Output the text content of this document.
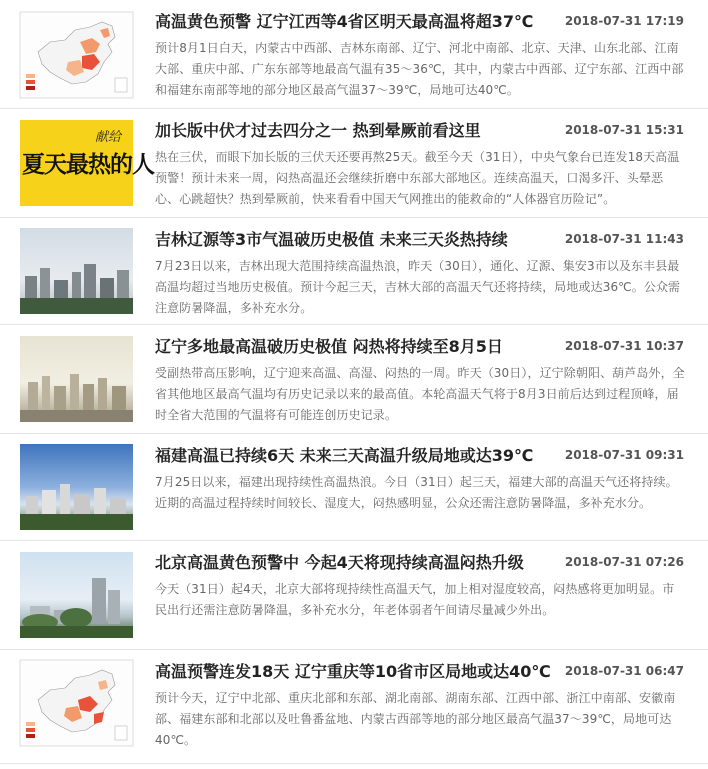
高温黄色预警 辽宁江西等4省区明天最高温将超37℃	2018-07-31 17:19
预计8月1日白天，内蒙古中西部、吉林东南部、辽宁、河北中南部、北京、天津、山东北部、江南大部、重庆中部、广东东部等地最高气温有35～36℃，其中，内蒙古中西部、辽宁东部、江西中部和福建东南部等地的部分地区最高气温37～39℃，局地可达40℃。
献给
夏天最热的人
加长版中伏才过去四分之一 热到晕厥前看这里	2018-07-31 15:31
热在三伏，而眼下加长版的三伏天还要再熬25天。截至今天（31日），中央气象台已连发18天高温预警！预计未来一周，闷热高温还会继续折磨中东部大部地区。连续高温天，口渴多汗、头晕恶心、心跳超快？热到晕厥前，快来看看中国天气网推出的能救命的“人体器官历险记”。
吉林辽源等3市气温破历史极值 未来三天炎热持续	2018-07-31 11:43
7月23日以来，吉林出现大范围持续高温热浪，昨天（30日），通化、辽源、集安3市以及东丰县最高温均超过当地历史极值。预计今起三天，吉林大部的高温天气还将持续，局地或达36℃。公众需注意防暑降温，多补充水分。
辽宁多地最高温破历史极值 闷热将持续至8月5日	2018-07-31 10:37
受副热带高压影响，辽宁迎来高温、高湿、闷热的一周。昨天（30日），辽宁除朝阳、葫芦岛外，全省其他地区最高气温均有历史记录以来的最高值。本轮高温天气将于8月3日前后达到过程顶峰，届时全省大范围的气温将有可能连创历史记录。
福建高温已持续6天 未来三天高温升级局地或达39℃	2018-07-31 09:31
7月25日以来，福建出现持续性高温热浪。今日（31日）起三天，福建大部的高温天气还将持续。近期的高温过程持续时间较长、湿度大，闷热感明显，公众还需注意防暑降温，多补充水分。
北京高温黄色预警中 今起4天将现持续高温闷热升级	2018-07-31 07:26
今天（31日）起4天，北京大部将现持续性高温天气，加上相对湿度较高，闷热感将更加明显。市民出行还需注意防暑降温，多补充水分，年老体弱者午间请尽量减少外出。
高温预警连发18天 辽宁重庆等10省市区局地或达40℃ 2018-07-31 06:47
预计今天，辽宁中北部、重庆北部和东部、湖北南部、湖南东部、江西中部、浙江中南部、安徽南部、福建东部和北部以及吐鲁番盆地、内蒙古西部等地的部分地区最高气温37～39℃，局地可达40℃。
